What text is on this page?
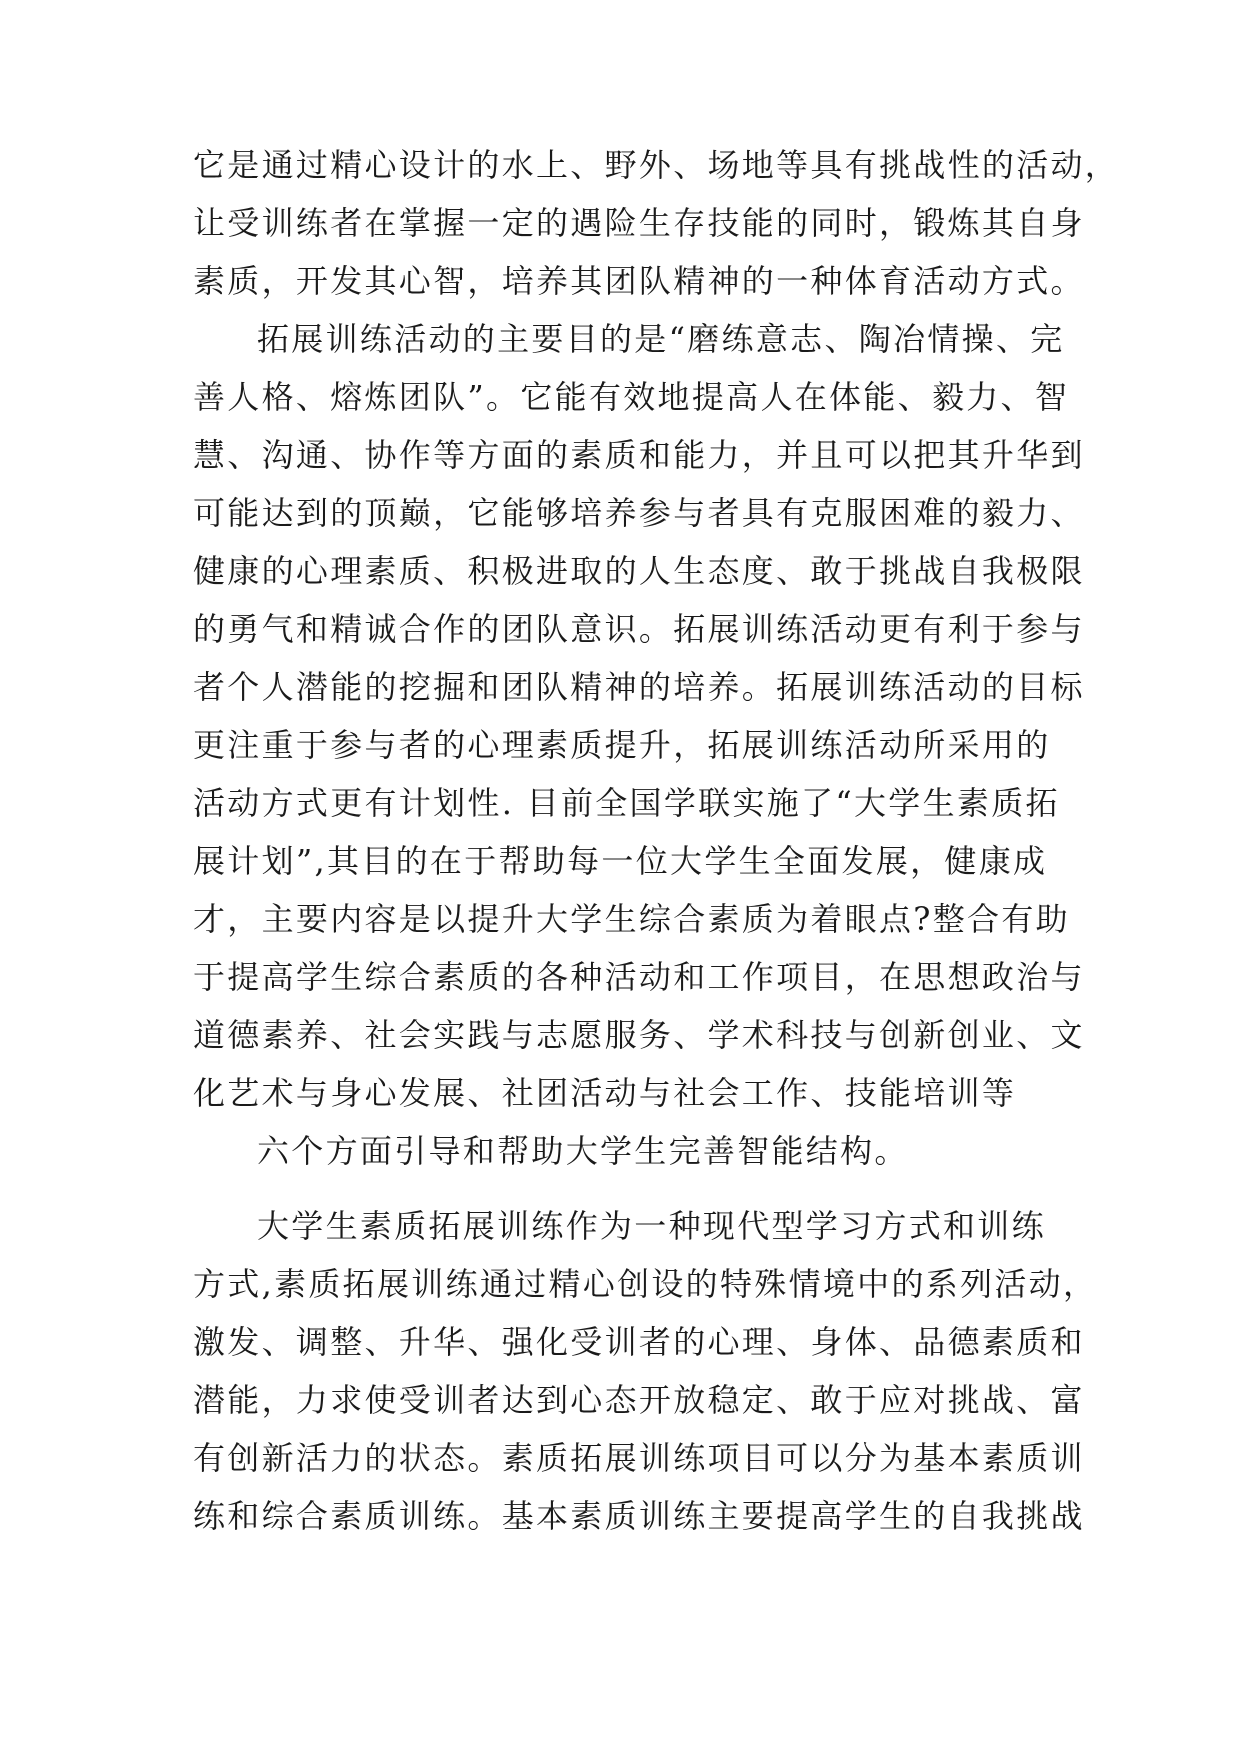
它是通过精心设计的水上、野外、场地等具有挑战性的活动，
让受训练者在掌握一定的遇险生存技能的同时，锻炼其自身
素质，开发其心智，培养其团队精神的一种体育活动方式。
拓展训练活动的主要目的是“磨练意志、陶冶情操、完
善人格、熔炼团队”。它能有效地提高人在体能、毅力、智
慧、沟通、协作等方面的素质和能力，并且可以把其升华到
可能达到的顶巅，它能够培养参与者具有克服困难的毅力、
健康的心理素质、积极进取的人生态度、敢于挑战自我极限
的勇气和精诚合作的团队意识。拓展训练活动更有利于参与
者个人潜能的挖掘和团队精神的培养。拓展训练活动的目标
更注重于参与者的心理素质提升，拓展训练活动所采用的
活动方式更有计划性. 目前全国学联实施了“大学生素质拓
展计划”,其目的在于帮助每一位大学生全面发展，健康成
才，主要内容是以提升大学生综合素质为着眼点?整合有助
于提高学生综合素质的各种活动和工作项目，在思想政治与
道德素养、社会实践与志愿服务、学术科技与创新创业、文
化艺术与身心发展、社团活动与社会工作、技能培训等
六个方面引导和帮助大学生完善智能结构。
大学生素质拓展训练作为一种现代型学习方式和训练
方式,素质拓展训练通过精心创设的特殊情境中的系列活动，
激发、调整、升华、强化受训者的心理、身体、品德素质和
潜能，力求使受训者达到心态开放稳定、敢于应对挑战、富
有创新活力的状态。素质拓展训练项目可以分为基本素质训
练和综合素质训练。基本素质训练主要提高学生的自我挑战
